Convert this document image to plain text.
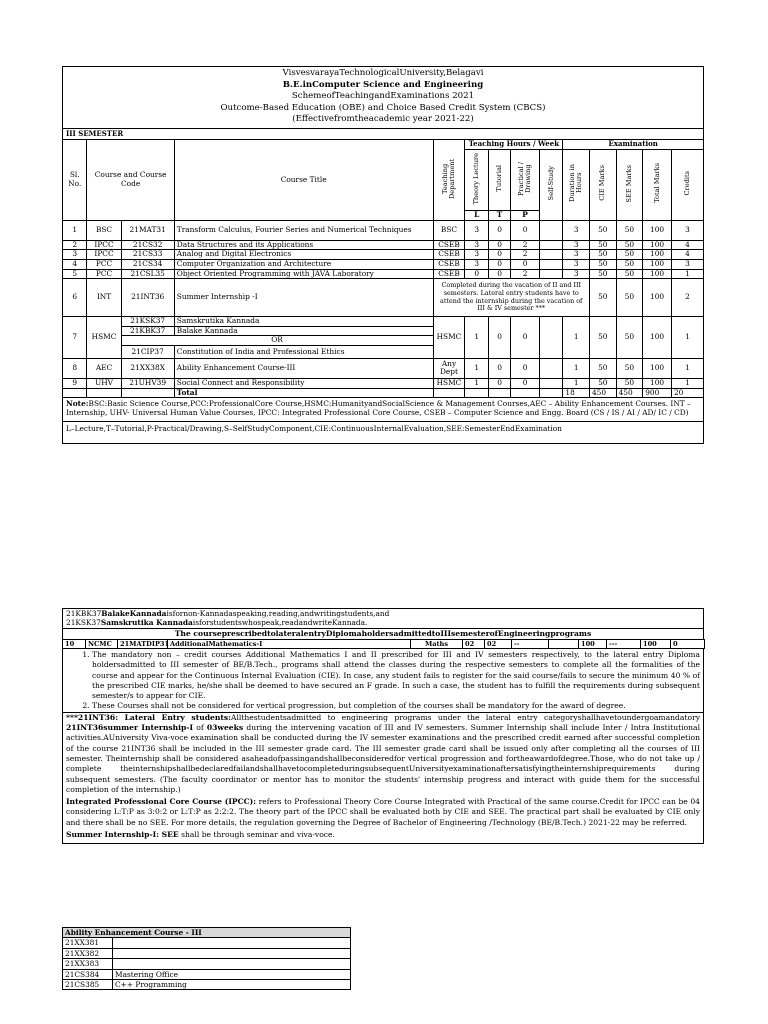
VisvesvarayaTechnologicalUniversity,Belagavi
B.E.inComputer Science and Engineering
SchemeofTeachingandExaminations 2021
Outcome-Based Education (OBE) and Choice Based Credit System (CBCS)
(Effectivefromtheacademic year 2021-22)
III SEMESTER
Sl. No.	Course and Course Code		Course Title	Teaching Department	Teaching Hours / Week				Examination				
					Theory Lecture	Tutorial	Practical / Drawing	Self-Study	Duration in Hours	CIE Marks	SEE Marks	Total Marks	Credits
					L	T	P						
1	BSC	21MAT31	Transform Calculus, Fourier Series and Numerical Techniques	BSC	3	0	0		3	50	50	100	3
2	IPCC	21CS32	Data Structures and its Applications	CSEB	3	0	2		3	50	50	100	4
3	IPCC	21CS33	Analog and Digital Electronics	CSEB	3	0	2		3	50	50	100	4
4	PCC	21CS34	Computer Organization and Architecture	CSEB	3	0	0		3	50	50	100	3
5	PCC	21CSL35	Object Oriented Programming with JAVA Laboratory	CSEB	0	0	2		3	50	50	100	1
6	INT	21INT36	Summer Internship -I	Completed during the vacation of II and III semesters. Lateral entry students have to attend the internship during the vacation of III & IV semester ***						50	50	100	2
7	HSMC	21KSK37	Samskrutika Kannada	HSMC	1	0	0		1	50	50	100	1
		21KBK37	Balake Kannada										
		OR											
		21CIP37	Constitution of India and Professional Ethics										
8	AEC	21XX38X	Ability Enhancement Course-III	Any Dept	1	0	0		1	50	50	100	1
9	UHV	21UHV39	Social Connect and Responsibility	HSMC	1	0	0		1	50	50	100	1
			Total						18	450	450	900	20
Note:BSC:Basic Science Course,PCC:ProfessionalCore Course,HSMC:HumanityandSocialScience & Management Courses,AEC – Ability Enhancement Courses. INT –Internship, UHV- Universal Human Value Courses, IPCC: Integrated Professional Core Course, CSEB – Computer Science and Engg. Board (CS / IS / AI / AD/ IC / CD)
L–Lecture,T–Tutorial,P-Practical/Drawing,S–SelfStudyComponent,CIE:ContinuousInternalEvaluation,SEE:SemesterEndExamination
21KBK37BalakeKannadaisfornon-Kannadaspeaking,reading,andwritingstudents,and
21KSK37Samskrutika Kannadaisforstudentswhospeak,readandwriteKannada.
The courseprescribedtolateralentryDiplomaholdersadmittedtoIIIsemesterofEngineeringprograms
10	NCMC	21MATDIP31	AdditionalMathematics-I	Maths	02	02	--		100	---	100	0
1. The mandatory non – credit courses Additional Mathematics I and II prescribed for III and IV semesters respectively, to the lateral entry Diploma holdersadmitted to III semester of BE/B.Tech., programs shall attend the classes during the respective semesters to complete all the formalities of the course and appear for the Continuous Internal Evaluation (CIE). In case, any student fails to register for the said course/fails to secure the minimum 40 % of the prescribed CIE marks, he/she shall be deemed to have secured an F grade. In such a case, the student has to fulfill the requirements during subsequent semester/s to appear for CIE.
2. These Courses shall not be considered for vertical progression, but completion of the courses shall be mandatory for the award of degree.

***21INT36: Lateral Entry students:Allthestudentsadmitted to engineering programs under the lateral entry categoryshallhavetoundergoamandatory 21INT36summer Internship-I of 03weeks during the intervening vacation of III and IV semesters. Summer Internship shall include Inter / Intra Institutional activities.AUniversity Viva-voce examination shall be conducted during the IV semester examinations and the prescribed credit earned after successful completion of the course 21INT36 shall be included in the III semester grade card. The III semester grade card shall be issued only after completing all the courses of III semester. Theinternship shall be considered asaheadofpassingandshallbeconsideredfor vertical progression and fortheawardofdegree.Those, who do not take up / complete theinternshipshallbedeclaredfailandshallhavetocompleteduringsubsequentUniversityexaminationaftersatisfyingtheinternshiprequirements during subsequent semesters. (The faculty coordinator or mentor has to monitor the students' internship progress and interact with guide them for the successful completion of the internship.)

Integrated Professional Core Course (IPCC): refers to Professional Theory Core Course Integrated with Practical of the same course.Credit for IPCC can be 04 considering L:T:P as 3:0:2 or L:T:P as 2:2:2. The theory part of the IPCC shall be evaluated both by CIE and SEE. The practical part shall be evaluated by CIE only and there shall be no SEE. For more details, the regulation governing the Degree of Bachelor of Engineering /Technology (BE/B.Tech.) 2021-22 may be referred.

Summer Internship-I: SEE shall be through seminar and viva-voce.

Ability Enhancement Course - III	
21XX381	
21XX382	
21XX383	
21CS384	Mastering Office
21CS385	C++ Programming
